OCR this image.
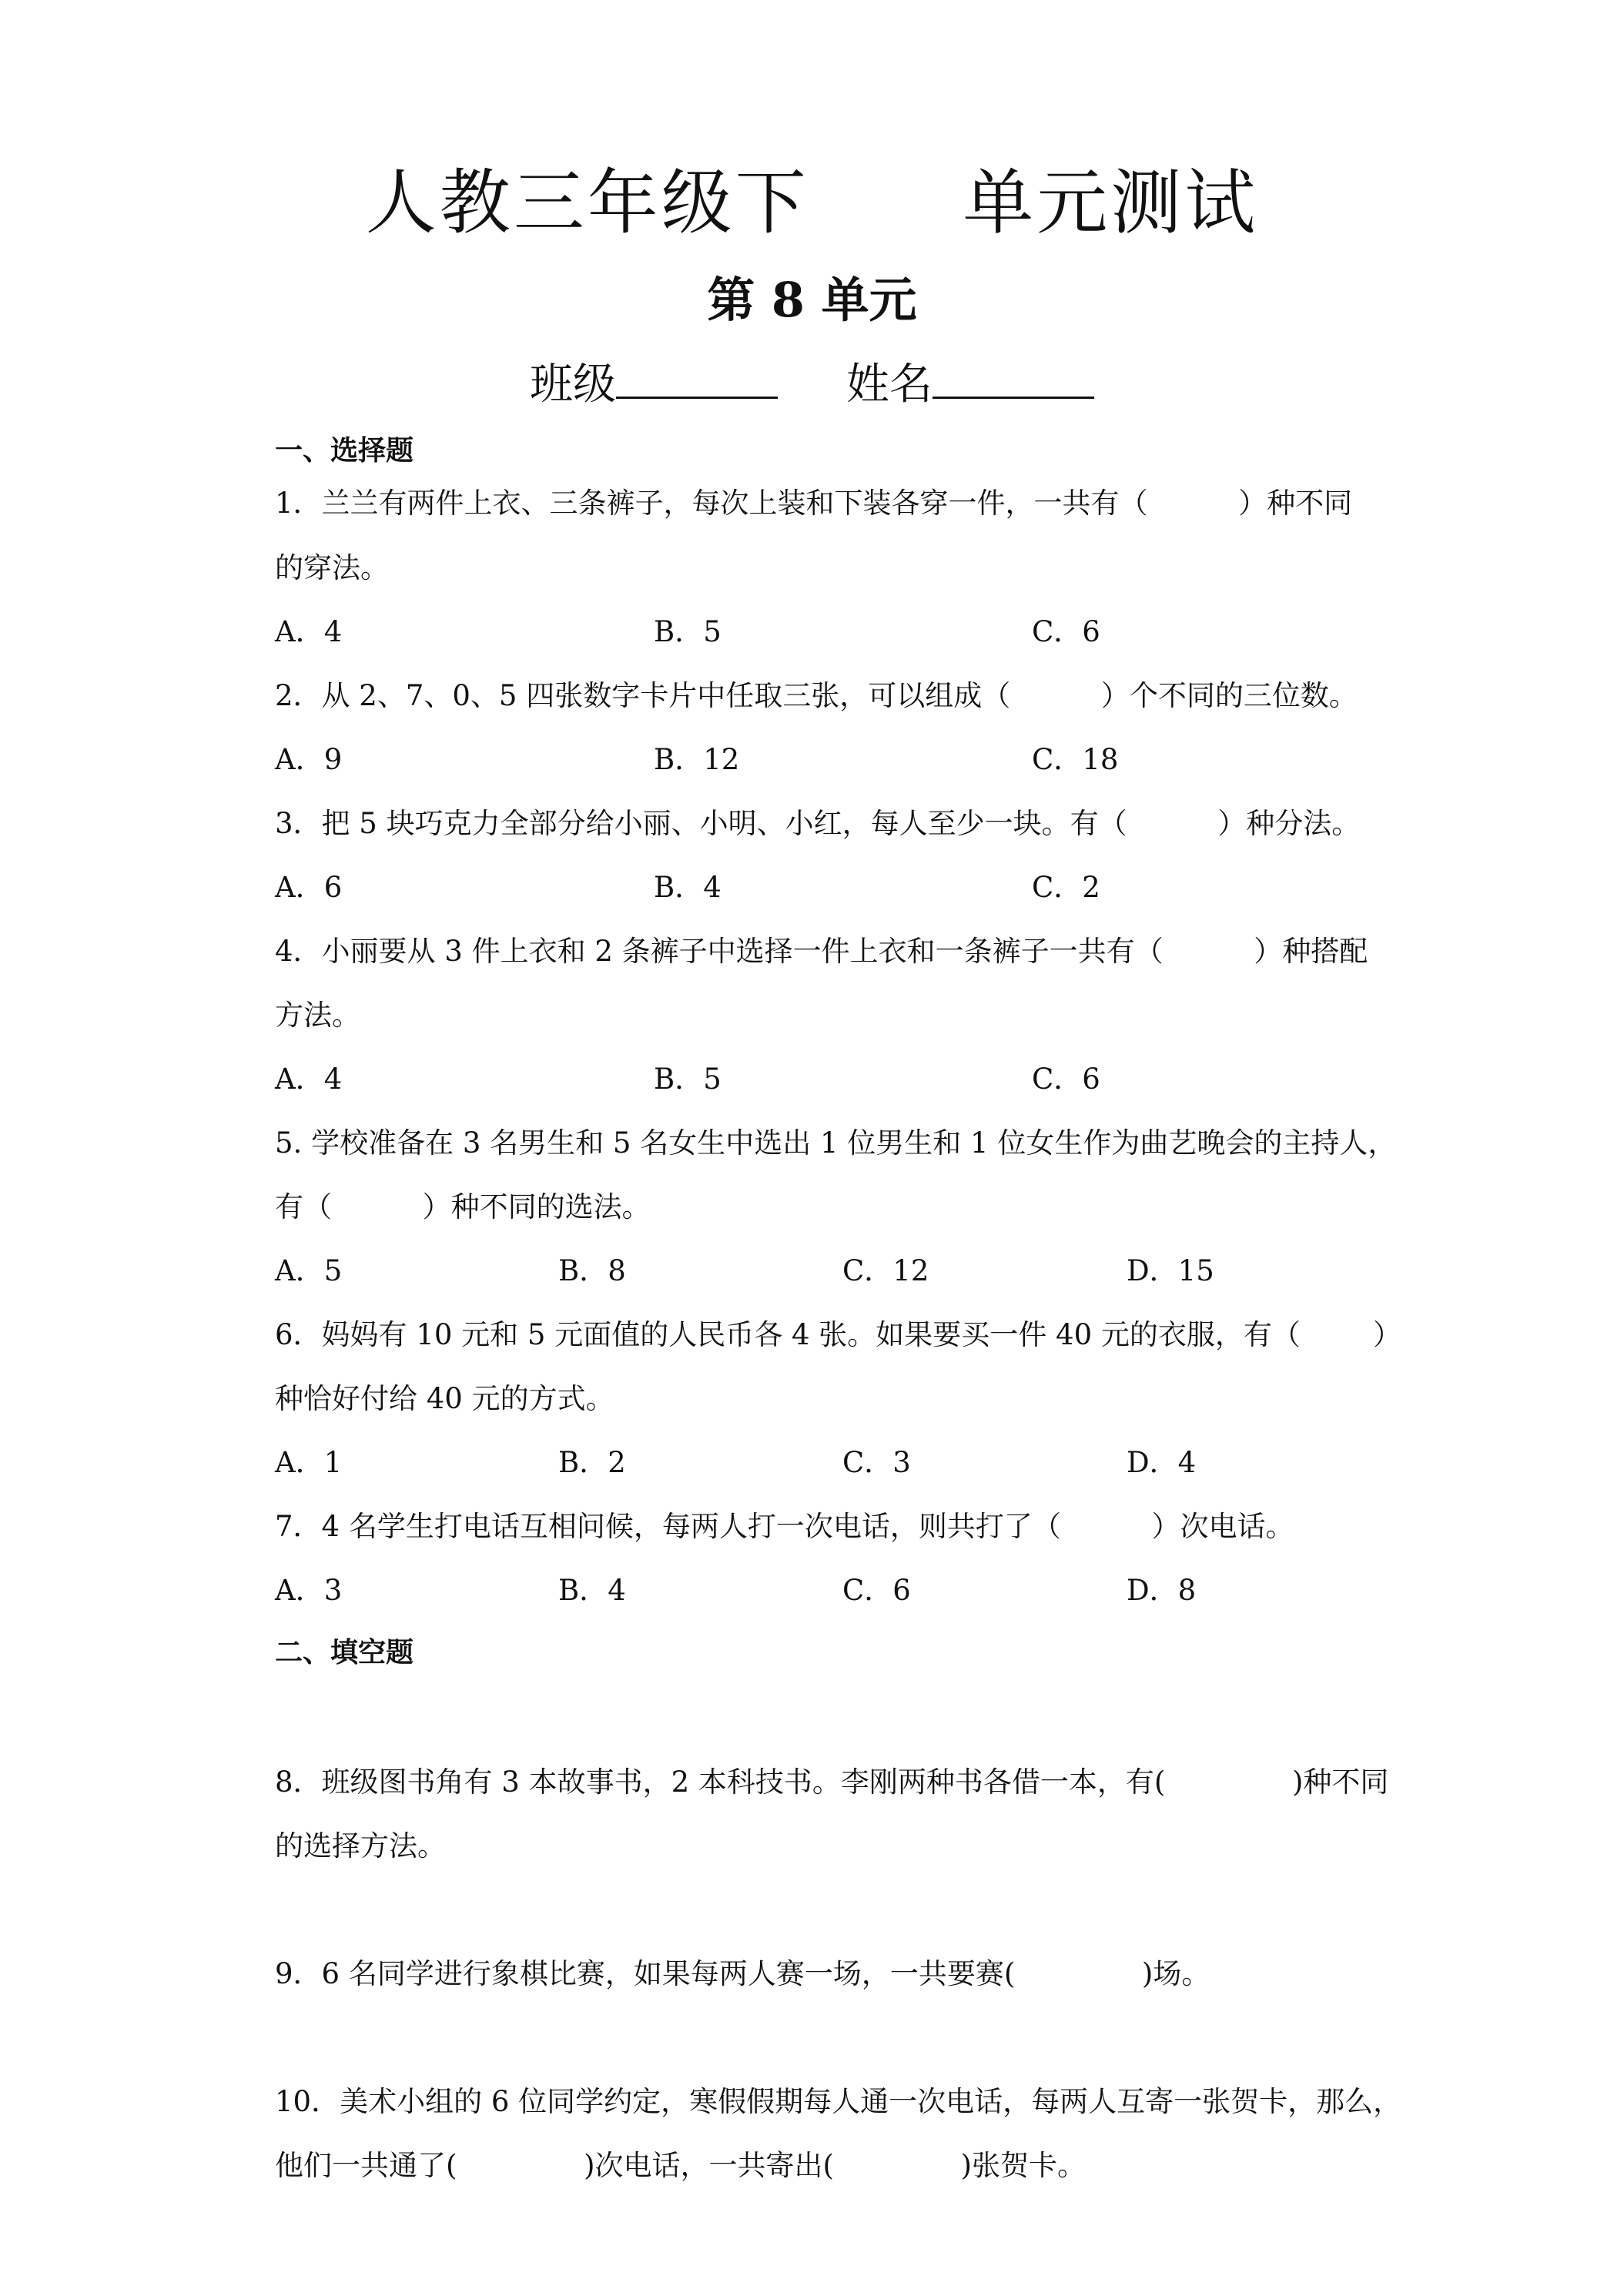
人教三年级下      单元测试
第 8 单元
班级	姓名
一、选择题
1．兰兰有两件上衣、三条裤子，每次上装和下装各穿一件，一共有（          ）种不同
的穿法。
A．4	B．5	C．6
2．从 2、7、0、5 四张数字卡片中任取三张，可以组成（          ）个不同的三位数。
A．9	B．12	C．18
3．把 5 块巧克力全部分给小丽、小明、小红，每人至少一块。有（          ）种分法。
A．6	B．4	C．2
4．小丽要从 3 件上衣和 2 条裤子中选择一件上衣和一条裤子一共有（          ）种搭配
方法。
A．4	B．5	C．6
5. 学校准备在 3 名男生和 5 名女生中选出 1 位男生和 1 位女生作为曲艺晚会的主持人，
有（          ）种不同的选法。
A．5	B．8	C．12	D．15
6．妈妈有 10 元和 5 元面值的人民币各 4 张。如果要买一件 40 元的衣服，有（        ）
种恰好付给 40 元的方式。
A．1	B．2	C．3	D．4
7．4 名学生打电话互相问候，每两人打一次电话，则共打了（          ）次电话。
A．3	B．4	C．6	D．8
二、填空题
8．班级图书角有 3 本故事书，2 本科技书。李刚两种书各借一本，有(              )种不同
的选择方法。
9．6 名同学进行象棋比赛，如果每两人赛一场，一共要赛(              )场。
10．美术小组的 6 位同学约定，寒假假期每人通一次电话，每两人互寄一张贺卡，那么，
他们一共通了(              )次电话，一共寄出(              )张贺卡。
